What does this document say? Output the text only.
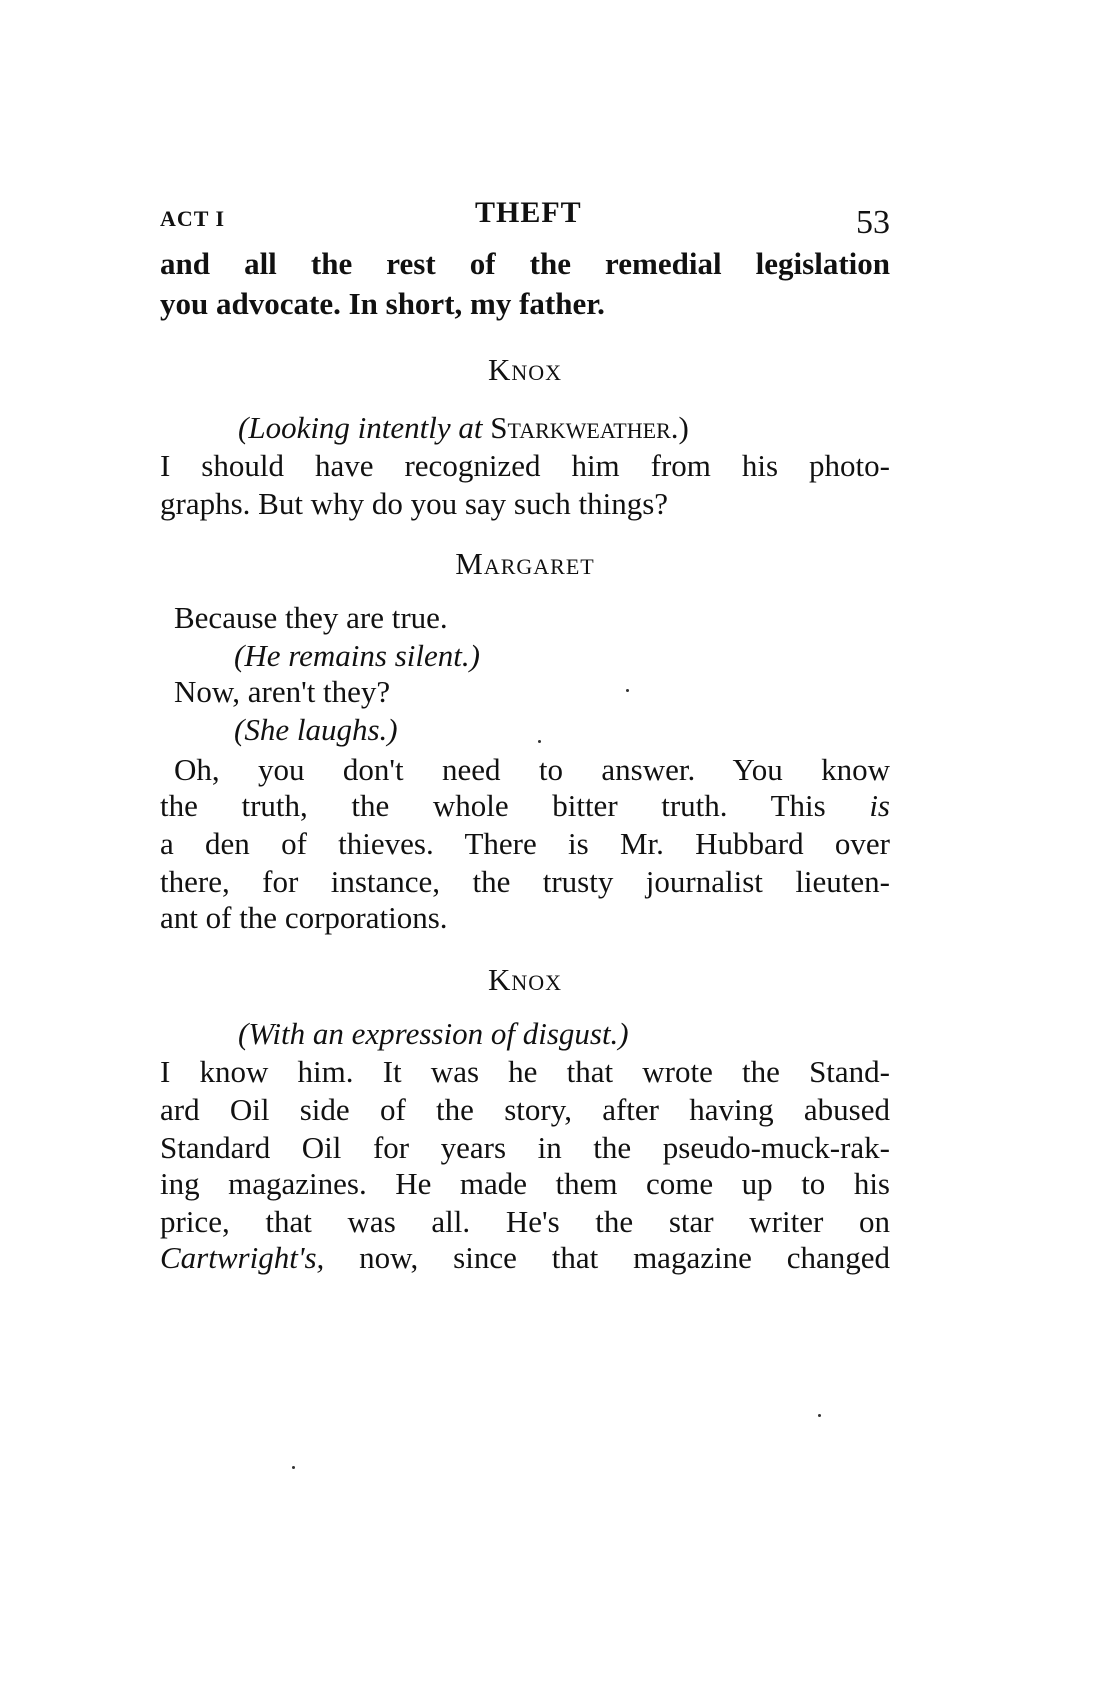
ACT I	THEFT	53
and all the rest of the remedial legislation
you advocate. In short, my father.
Knox
(Looking intently at Starkweather.)
I should have recognized him from his photo-
graphs. But why do you say such things?
Margaret
Because they are true.
(He remains silent.)
Now, aren't they?
(She laughs.)
Oh, you don't need to answer. You know
the truth, the whole bitter truth. This is
a den of thieves. There is Mr. Hubbard over
there, for instance, the trusty journalist lieuten-
ant of the corporations.
Knox
(With an expression of disgust.)
I know him. It was he that wrote the Stand-
ard Oil side of the story, after having abused
Standard Oil for years in the pseudo-muck-rak-
ing magazines. He made them come up to his
price, that was all. He's the star writer on
Cartwright's, now, since that magazine changed
